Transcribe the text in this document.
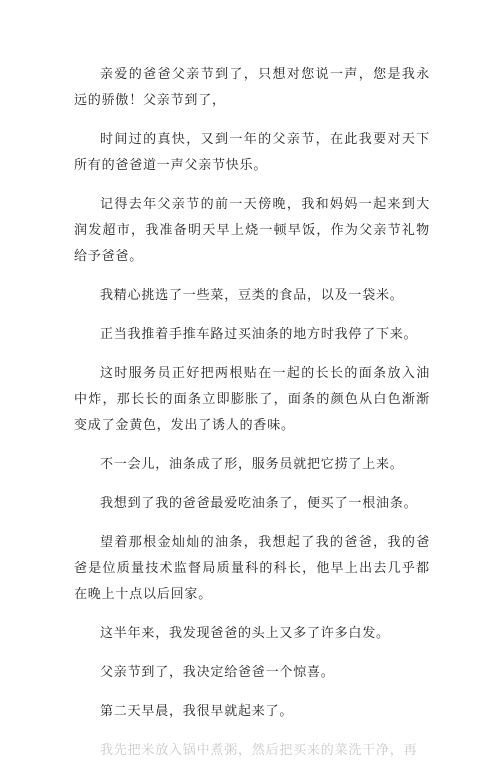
亲爱的爸爸父亲节到了，只想对您说一声，您是我永远的骄傲！父亲节到了，

时间过的真快，又到一年的父亲节，在此我要对天下所有的爸爸道一声父亲节快乐。

记得去年父亲节的前一天傍晚，我和妈妈一起来到大润发超市，我准备明天早上烧一顿早饭，作为父亲节礼物给予爸爸。

我精心挑选了一些菜，豆类的食品，以及一袋米。

正当我推着手推车路过买油条的地方时我停了下来。

这时服务员正好把两根贴在一起的长长的面条放入油中炸，那长长的面条立即膨胀了，面条的颜色从白色渐渐变成了金黄色，发出了诱人的香味。

不一会儿，油条成了形，服务员就把它捞了上来。

我想到了我的爸爸最爱吃油条了，便买了一根油条。

望着那根金灿灿的油条，我想起了我的爸爸，我的爸爸是位质量技术监督局质量科的科长，他早上出去几乎都在晚上十点以后回家。

这半年来，我发现爸爸的头上又多了许多白发。

父亲节到了，我决定给爸爸一个惊喜。

第二天早晨，我很早就起来了。

我先把米放入锅中煮粥，然后把买来的菜洗干净，再
